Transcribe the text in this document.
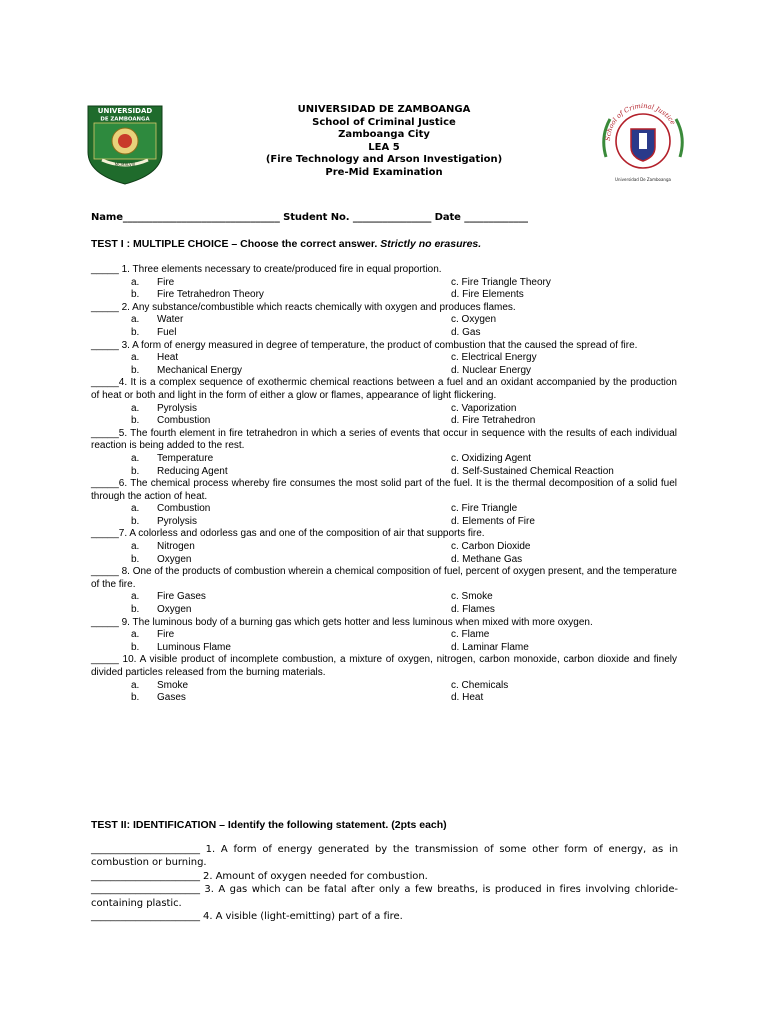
UNIVERSIDAD
DE ZAMBOANGA
MCMXLVIII
School of Criminal Justice
Universidad De Zamboanga
UNIVERSIDAD DE ZAMBOANGA
School of Criminal Justice
Zamboanga City
LEA 5
(Fire Technology and Arson Investigation)
Pre-Mid Examination
Name________________________________ Student No. ________________ Date _____________
TEST I : MULTIPLE CHOICE – Choose the correct answer. Strictly no erasures.
_____ 1. Three elements necessary to create/produced fire in equal proportion.
a. Fire	c. Fire Triangle Theory
b. Fire Tetrahedron Theory	d. Fire Elements
_____ 2. Any substance/combustible which reacts chemically with oxygen and produces flames.
a. Water	c. Oxygen
b. Fuel	d. Gas
_____ 3. A form of energy measured in degree of temperature, the product of combustion that the caused the spread of fire.
a. Heat	c. Electrical Energy
b. Mechanical Energy	d. Nuclear Energy
_____4. It is a complex sequence of exothermic chemical reactions between a fuel and an oxidant accompanied by the production of heat or both and light in the form of either a glow or flames, appearance of light flickering.
a. Pyrolysis	c. Vaporization
b. Combustion	d. Fire Tetrahedron
_____5. The fourth element in fire tetrahedron in which a series of events that occur in sequence with the results of each individual reaction is being added to the rest.
a. Temperature	c. Oxidizing Agent
b. Reducing Agent	d. Self-Sustained Chemical Reaction
_____6. The chemical process whereby fire consumes the most solid part of the fuel. It is the thermal decomposition of a solid fuel through the action of heat.
a. Combustion	c. Fire Triangle
b. Pyrolysis	d. Elements of Fire
_____7. A colorless and odorless gas and one of the composition of air that supports fire.
a. Nitrogen	c. Carbon Dioxide
b. Oxygen	d. Methane Gas
_____ 8. One of the products of combustion wherein a chemical composition of fuel, percent of oxygen present, and the temperature of the fire.
a. Fire Gases	c. Smoke
b. Oxygen	d. Flames
_____ 9. The luminous body of a burning gas which gets hotter and less luminous when mixed with more oxygen.
a. Fire	c. Flame
b. Luminous Flame	d. Laminar Flame
_____ 10. A visible product of incomplete combustion, a mixture of oxygen, nitrogen, carbon monoxide, carbon dioxide and finely divided particles released from the burning materials.
a. Smoke	c. Chemicals
b. Gases	d. Heat
TEST II: IDENTIFICATION – Identify the following statement. (2pts each)
______________________ 1. A form of energy generated by the transmission of some other form of energy, as in combustion or burning.
______________________ 2. Amount of oxygen needed for combustion.
______________________ 3. A gas which can be fatal after only a few breaths, is produced in fires involving chloride-containing plastic.
______________________ 4. A visible (light-emitting) part of a fire.
